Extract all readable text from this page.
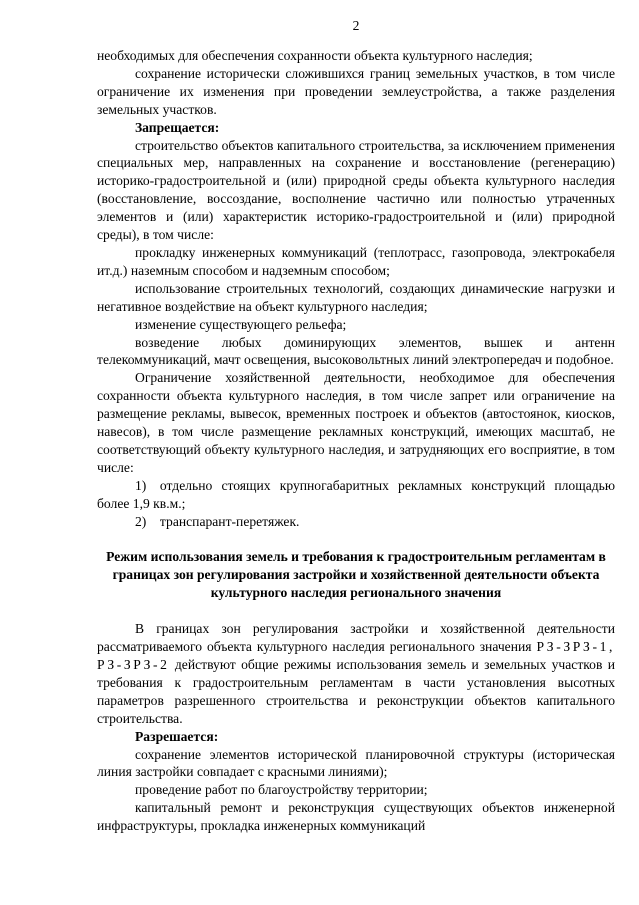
2

необходимых для обеспечения сохранности объекта культурного наследия;

сохранение исторически сложившихся границ земельных участков, в том числе ограничение их изменения при проведении землеустройства, а также разделения земельных участков.

Запрещается:

строительство объектов капитального строительства, за исключением применения специальных мер, направленных на сохранение и восстановление (регенерацию) историко-градостроительной и (или) природной среды объекта культурного наследия (восстановление, воссоздание, восполнение частично или полностью утраченных элементов и (или) характеристик историко-градостроительной и (или) природной среды), в том числе:

прокладку инженерных коммуникаций (теплотрасс, газопровода, электрокабеля ит.д.) наземным способом и надземным способом;

использование строительных технологий, создающих динамические нагрузки и негативное воздействие на объект культурного наследия;

изменение существующего рельефа;

возведение любых доминирующих элементов, вышек и антенн телекоммуникаций, мачт освещения, высоковольтных линий электропередач и подобное.

Ограничение хозяйственной деятельности, необходимое для обеспечения сохранности объекта культурного наследия, в том числе запрет или ограничение на размещение рекламы, вывесок, временных построек и объектов (автостоянок, киосков, навесов), в том числе размещение рекламных конструкций, имеющих масштаб, не соответствующий объекту культурного наследия, и затрудняющих его восприятие, в том числе:

1) отдельно стоящих крупногабаритных рекламных конструкций площадью более 1,9 кв.м.;

2) транспарант-перетяжек.

Режим использования земель и требования к градостроительным регламентам в границах зон регулирования застройки и хозяйственной деятельности объекта культурного наследия регионального значения

В границах зон регулирования застройки и хозяйственной деятельности рассматриваемого объекта культурного наследия регионального значения РЗ-ЗРЗ-1, РЗ-ЗРЗ-2 действуют общие режимы использования земель и земельных участков и требования к градостроительным регламентам в части установления высотных параметров разрешенного строительства и реконструкции объектов капитального строительства.

Разрешается:

сохранение элементов исторической планировочной структуры (историческая линия застройки совпадает с красными линиями);

проведение работ по благоустройству территории;

капитальный ремонт и реконструкция существующих объектов инженерной инфраструктуры, прокладка инженерных коммуникаций
